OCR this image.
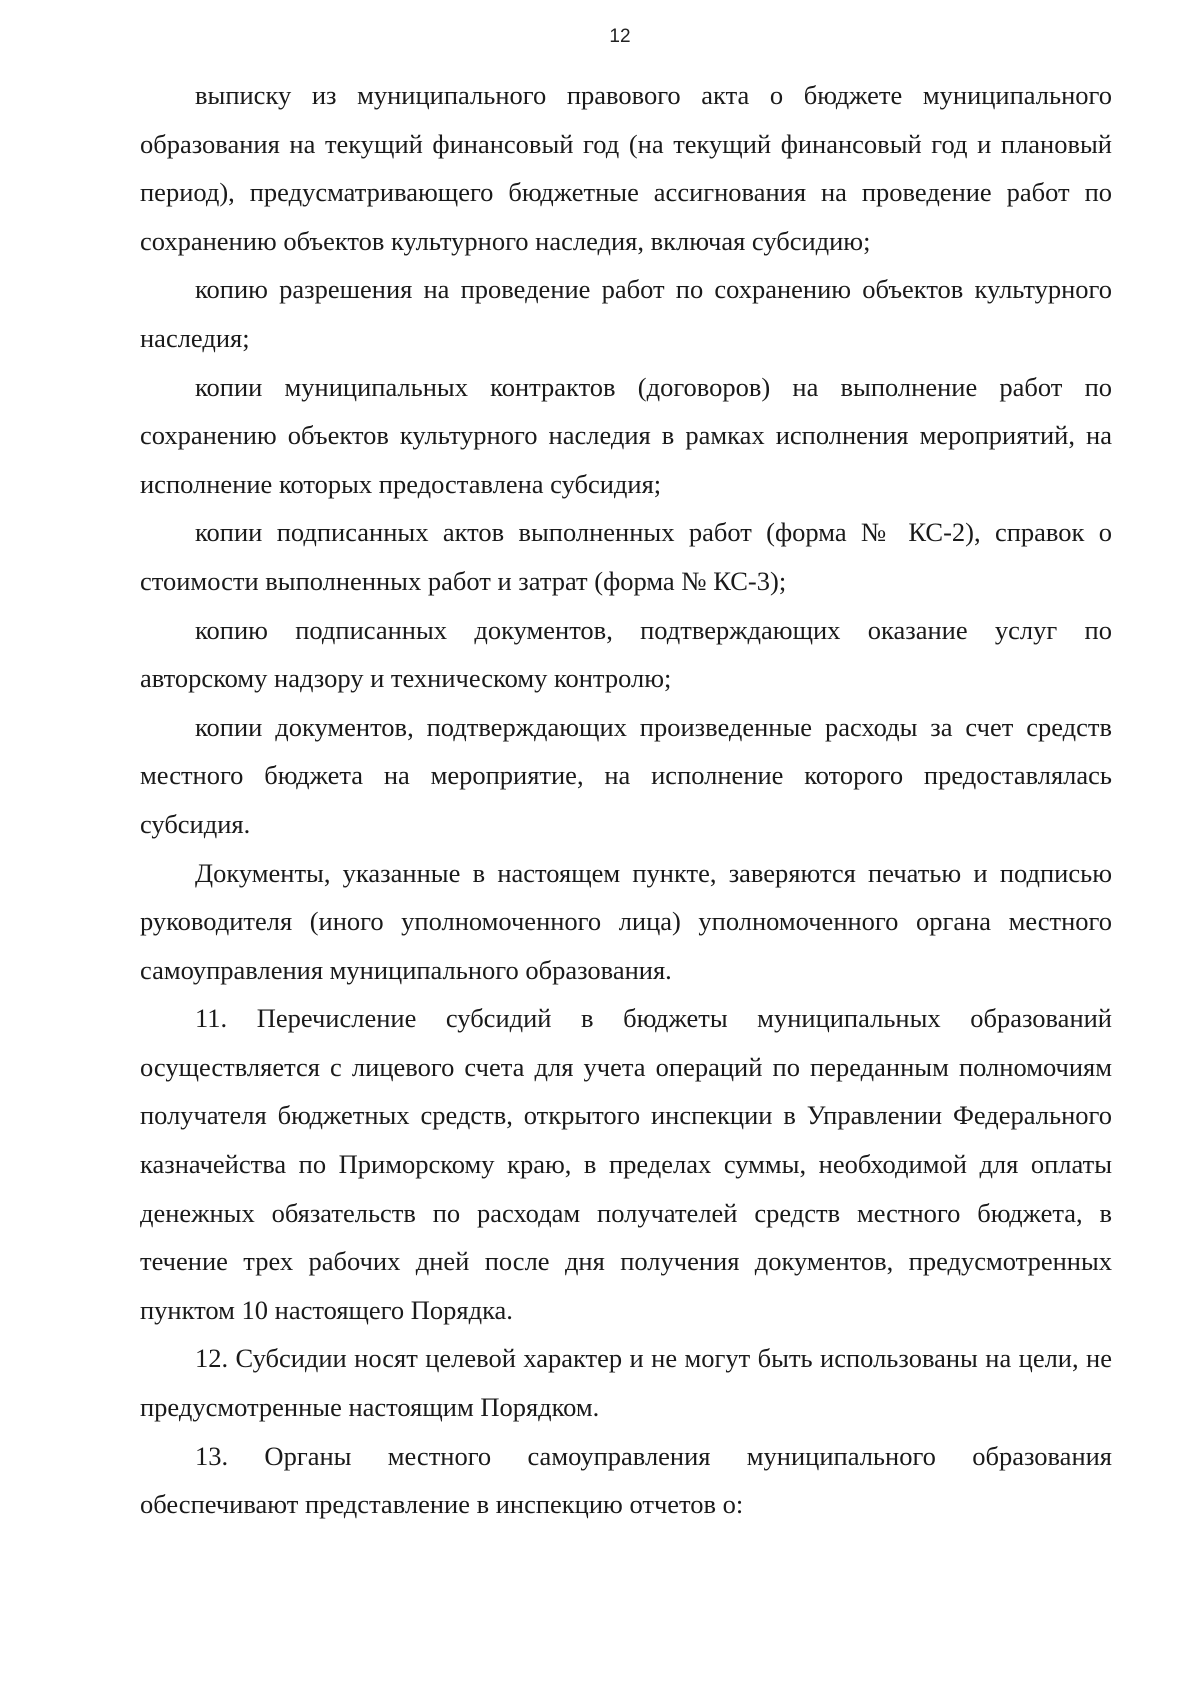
12

выписку из муниципального правового акта о бюджете муниципального образования на текущий финансовый год (на текущий финансовый год и плановый период), предусматривающего бюджетные ассигнования на проведение работ по сохранению объектов культурного наследия, включая субсидию;

копию разрешения на проведение работ по сохранению объектов культурного наследия;

копии муниципальных контрактов (договоров) на выполнение работ по сохранению объектов культурного наследия в рамках исполнения мероприятий, на исполнение которых предоставлена субсидия;

копии подписанных актов выполненных работ (форма № КС-2), справок о стоимости выполненных работ и затрат (форма № КС-3);

копию подписанных документов, подтверждающих оказание услуг по авторскому надзору и техническому контролю;

копии документов, подтверждающих произведенные расходы за счет средств местного бюджета на мероприятие, на исполнение которого предоставлялась субсидия.

Документы, указанные в настоящем пункте, заверяются печатью и подписью руководителя (иного уполномоченного лица) уполномоченного органа местного самоуправления муниципального образования.

11. Перечисление субсидий в бюджеты муниципальных образований осуществляется с лицевого счета для учета операций по переданным полномочиям получателя бюджетных средств, открытого инспекции в Управлении Федерального казначейства по Приморскому краю, в пределах суммы, необходимой для оплаты денежных обязательств по расходам получателей средств местного бюджета, в течение трех рабочих дней после дня получения документов, предусмотренных пунктом 10 настоящего Порядка.

12. Субсидии носят целевой характер и не могут быть использованы на цели, не предусмотренные настоящим Порядком.

13. Органы местного самоуправления муниципального образования обеспечивают представление в инспекцию отчетов о:
